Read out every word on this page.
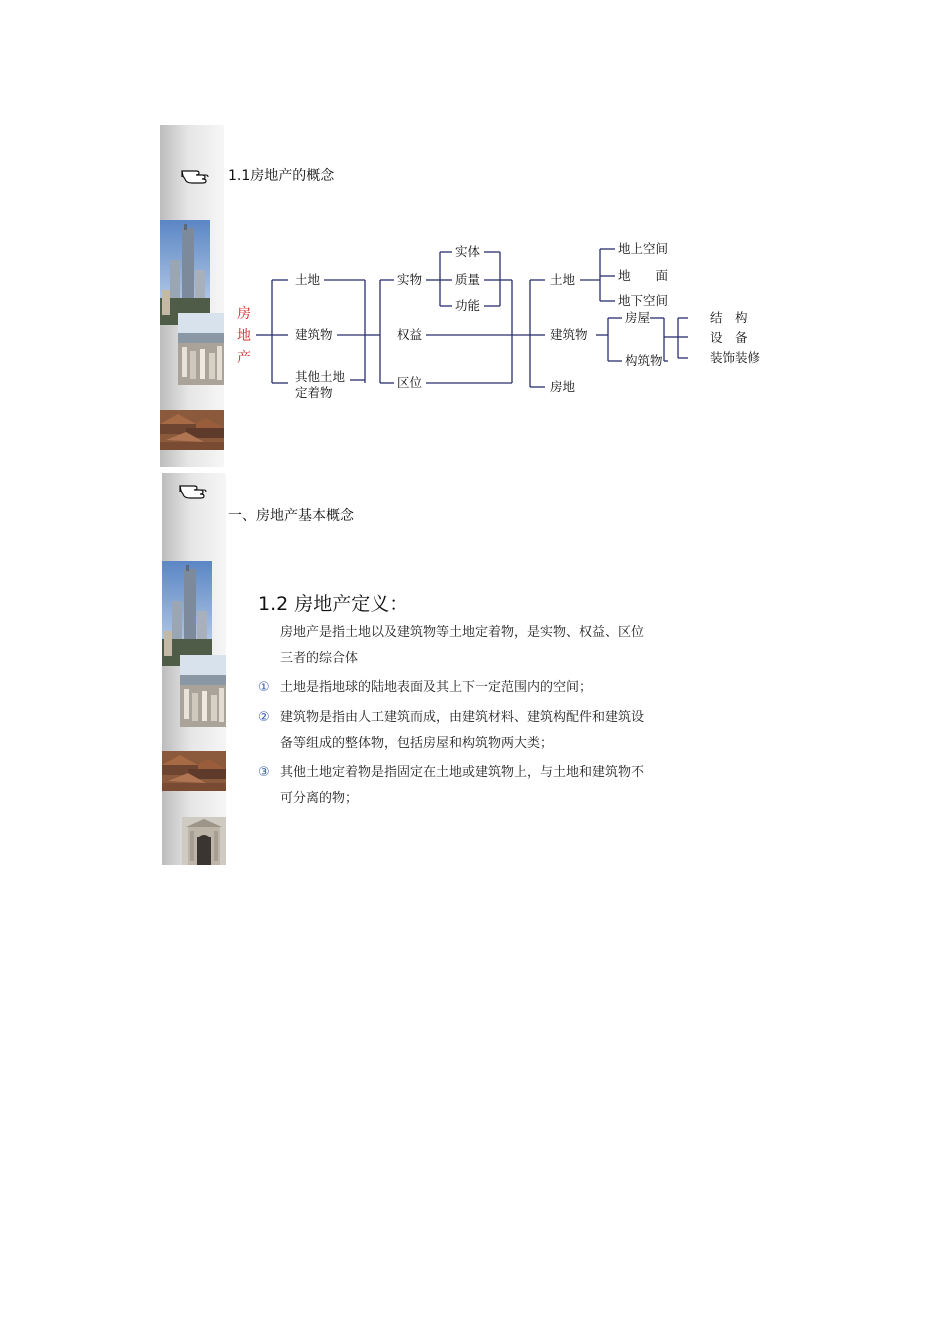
1.1房地产的概念
房
地
产
土地
建筑物
其他土地
定着物
实物
权益
区位
实体
质量
功能
土地
建筑物
房地
地上空间
地　　面
地下空间
房屋
构筑物
结　构
设　备
装饰装修
一、房地产基本概念
1.2 房地产定义：
房地产是指土地以及建筑物等土地定着物，是实物、权益、区位
三者的综合体
① 土地是指地球的陆地表面及其上下一定范围内的空间；
② 建筑物是指由人工建筑而成，由建筑材料、建筑构配件和建筑设
备等组成的整体物，包括房屋和构筑物两大类；
③ 其他土地定着物是指固定在土地或建筑物上，与土地和建筑物不
可分离的物；
